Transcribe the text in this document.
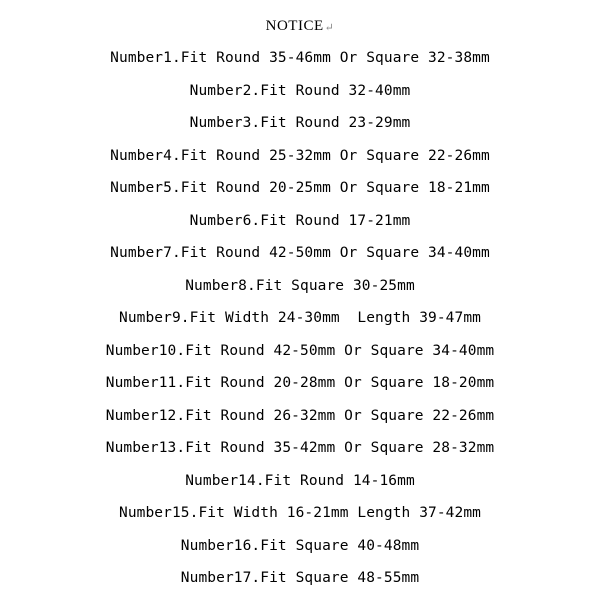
NOTICE ↵
Number1.Fit Round 35-46mm Or Square 32-38mm
Number2.Fit Round 32-40mm
Number3.Fit Round 23-29mm
Number4.Fit Round 25-32mm Or Square 22-26mm
Number5.Fit Round 20-25mm Or Square 18-21mm
Number6.Fit Round 17-21mm
Number7.Fit Round 42-50mm Or Square 34-40mm
Number8.Fit Square 30-25mm
Number9.Fit Width 24-30mm  Length 39-47mm
Number10.Fit Round 42-50mm Or Square 34-40mm
Number11.Fit Round 20-28mm Or Square 18-20mm
Number12.Fit Round 26-32mm Or Square 22-26mm
Number13.Fit Round 35-42mm Or Square 28-32mm
Number14.Fit Round 14-16mm
Number15.Fit Width 16-21mm Length 37-42mm
Number16.Fit Square 40-48mm
Number17.Fit Square 48-55mm
